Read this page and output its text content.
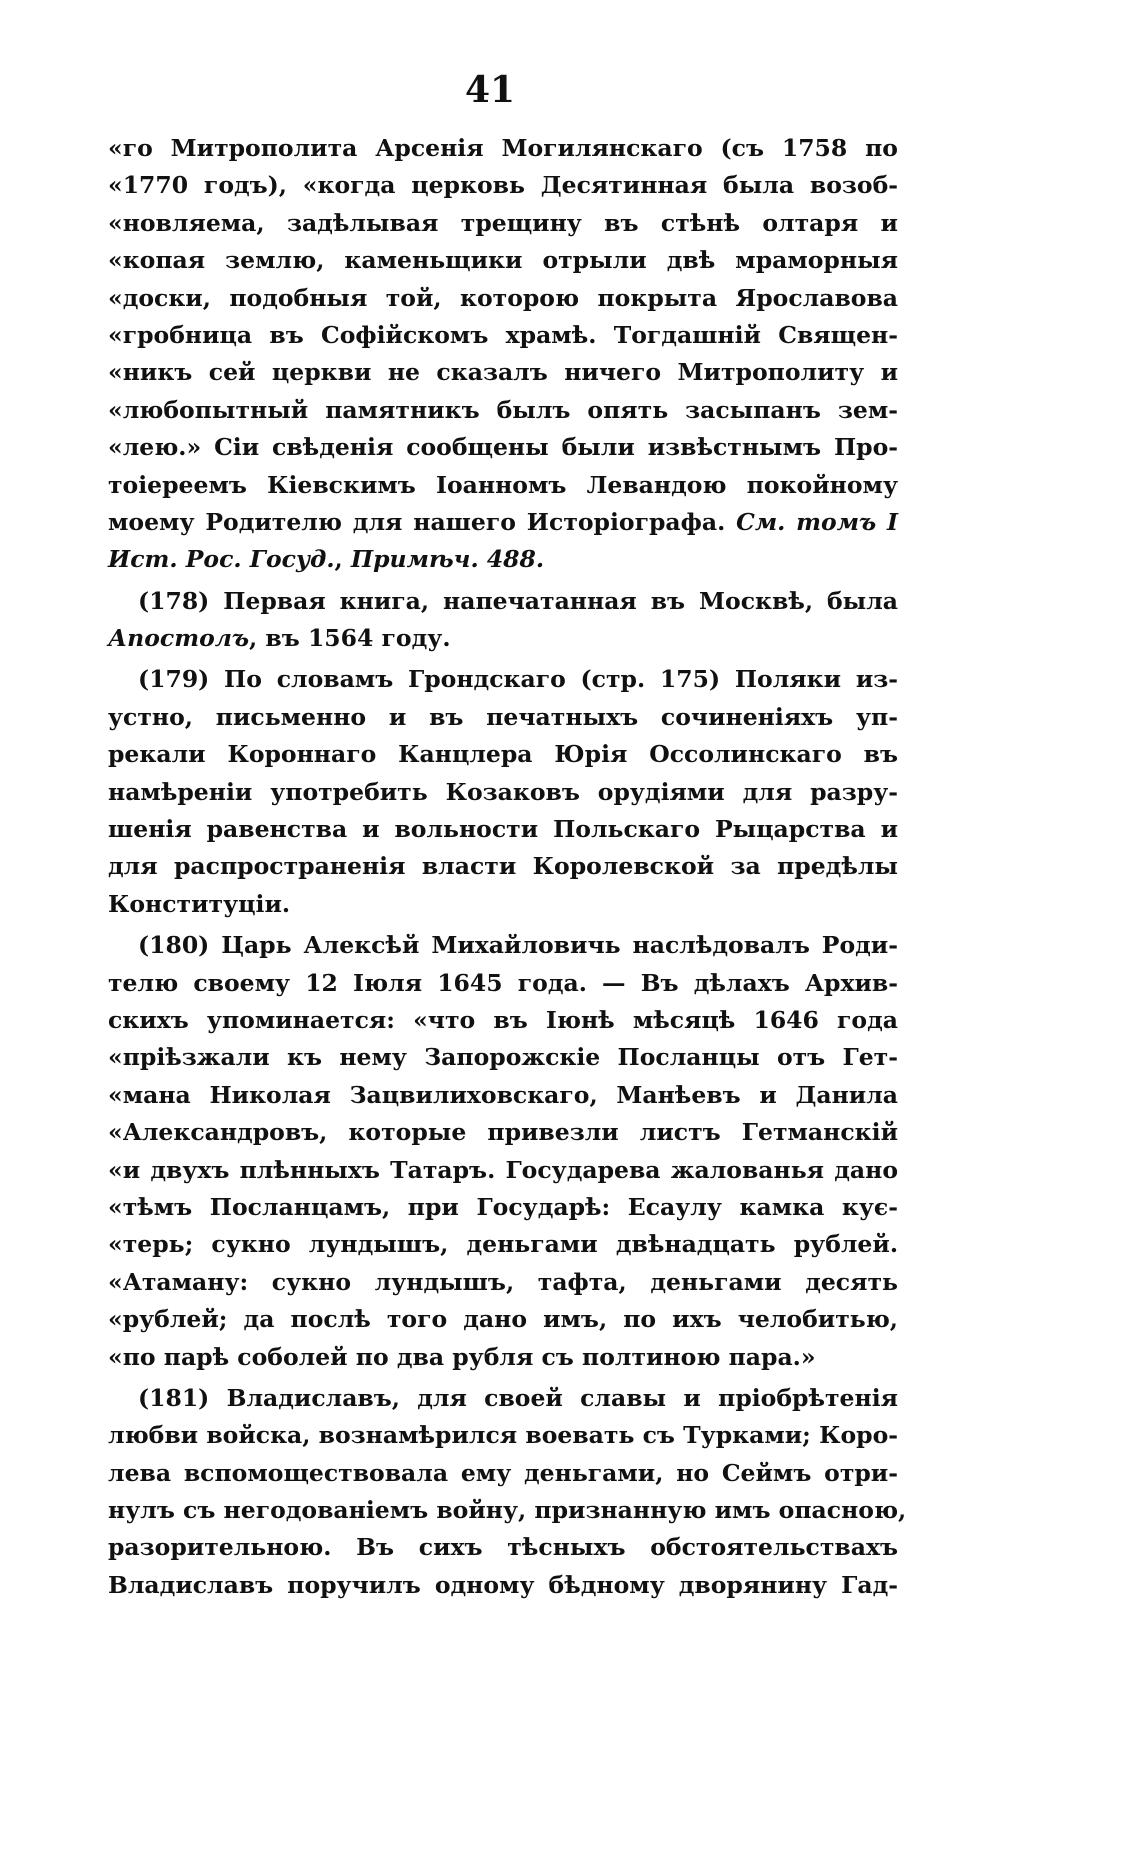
41
«го Митрополита Арсенія Могилянскаго (съ 1758 по
«1770 годъ), «когда церковь Десятинная была возоб-
«новляема, задѣлывая трещину въ стѣнѣ олтаря и
«копая землю, каменьщики отрыли двѣ мраморныя
«доски, подобныя той, которою покрыта Ярославова
«гробница въ Софійскомъ храмѣ. Тогдашній Священ-
«никъ сей церкви не сказалъ ничего Митрополиту и
«любопытный памятникъ былъ опять засыпанъ зем-
«лею.» Сіи свѣденія сообщены были извѣстнымъ Про-
тоіереемъ Кіевскимъ Іоанномъ Левандою покойному
моему Родителю для нашего Исторіографа. См. томъ I
Ист. Рос. Госуд., Примѣч. 488.
(178) Первая книга, напечатанная въ Москвѣ, была
Апостолъ, въ 1564 году.
(179) По словамъ Грондскаго (стр. 175) Поляки из-
устно, письменно и въ печатныхъ сочиненіяхъ уп-
рекали Короннаго Канцлера Юрія Оссолинскаго въ
намѣреніи употребить Козаковъ орудіями для разру-
шенія равенства и вольности Польскаго Рыцарства и
для распространенія власти Королевской за предѣлы
Конституціи.
(180) Царь Алексѣй Михайловичь наслѣдовалъ Роди-
телю своему 12 Іюля 1645 года. — Въ дѣлахъ Архив-
скихъ упоминается: «что въ Іюнѣ мѣсяцѣ 1646 года
«пріѣзжали къ нему Запорожскіе Посланцы отъ Гет-
«мана Николая Зацвилиховскаго, Манѣевъ и Данила
«Александровъ, которые привезли листъ Гетманскій
«и двухъ плѣнныхъ Татаръ. Государева жалованья дано
«тѣмъ Посланцамъ, при Государѣ: Есаулу камка кує-
«терь; сукно лундышъ, деньгами двѣнадцать рублей.
«Атаману: сукно лундышъ, тафта, деньгами десять
«рублей; да послѣ того дано имъ, по ихъ челобитью,
«по парѣ соболей по два рубля съ полтиною пара.»
(181) Владиславъ, для своей славы и пріобрѣтенія
любви войска, вознамѣрился воевать съ Турками; Коро-
лева вспомоществовала ему деньгами, но Сеймъ отри-
нулъ съ негодованіемъ войну, признанную имъ опасною,
разорительною. Въ сихъ тѣсныхъ обстоятельствахъ
Владиславъ поручилъ одному бѣдному дворянину Гад-
